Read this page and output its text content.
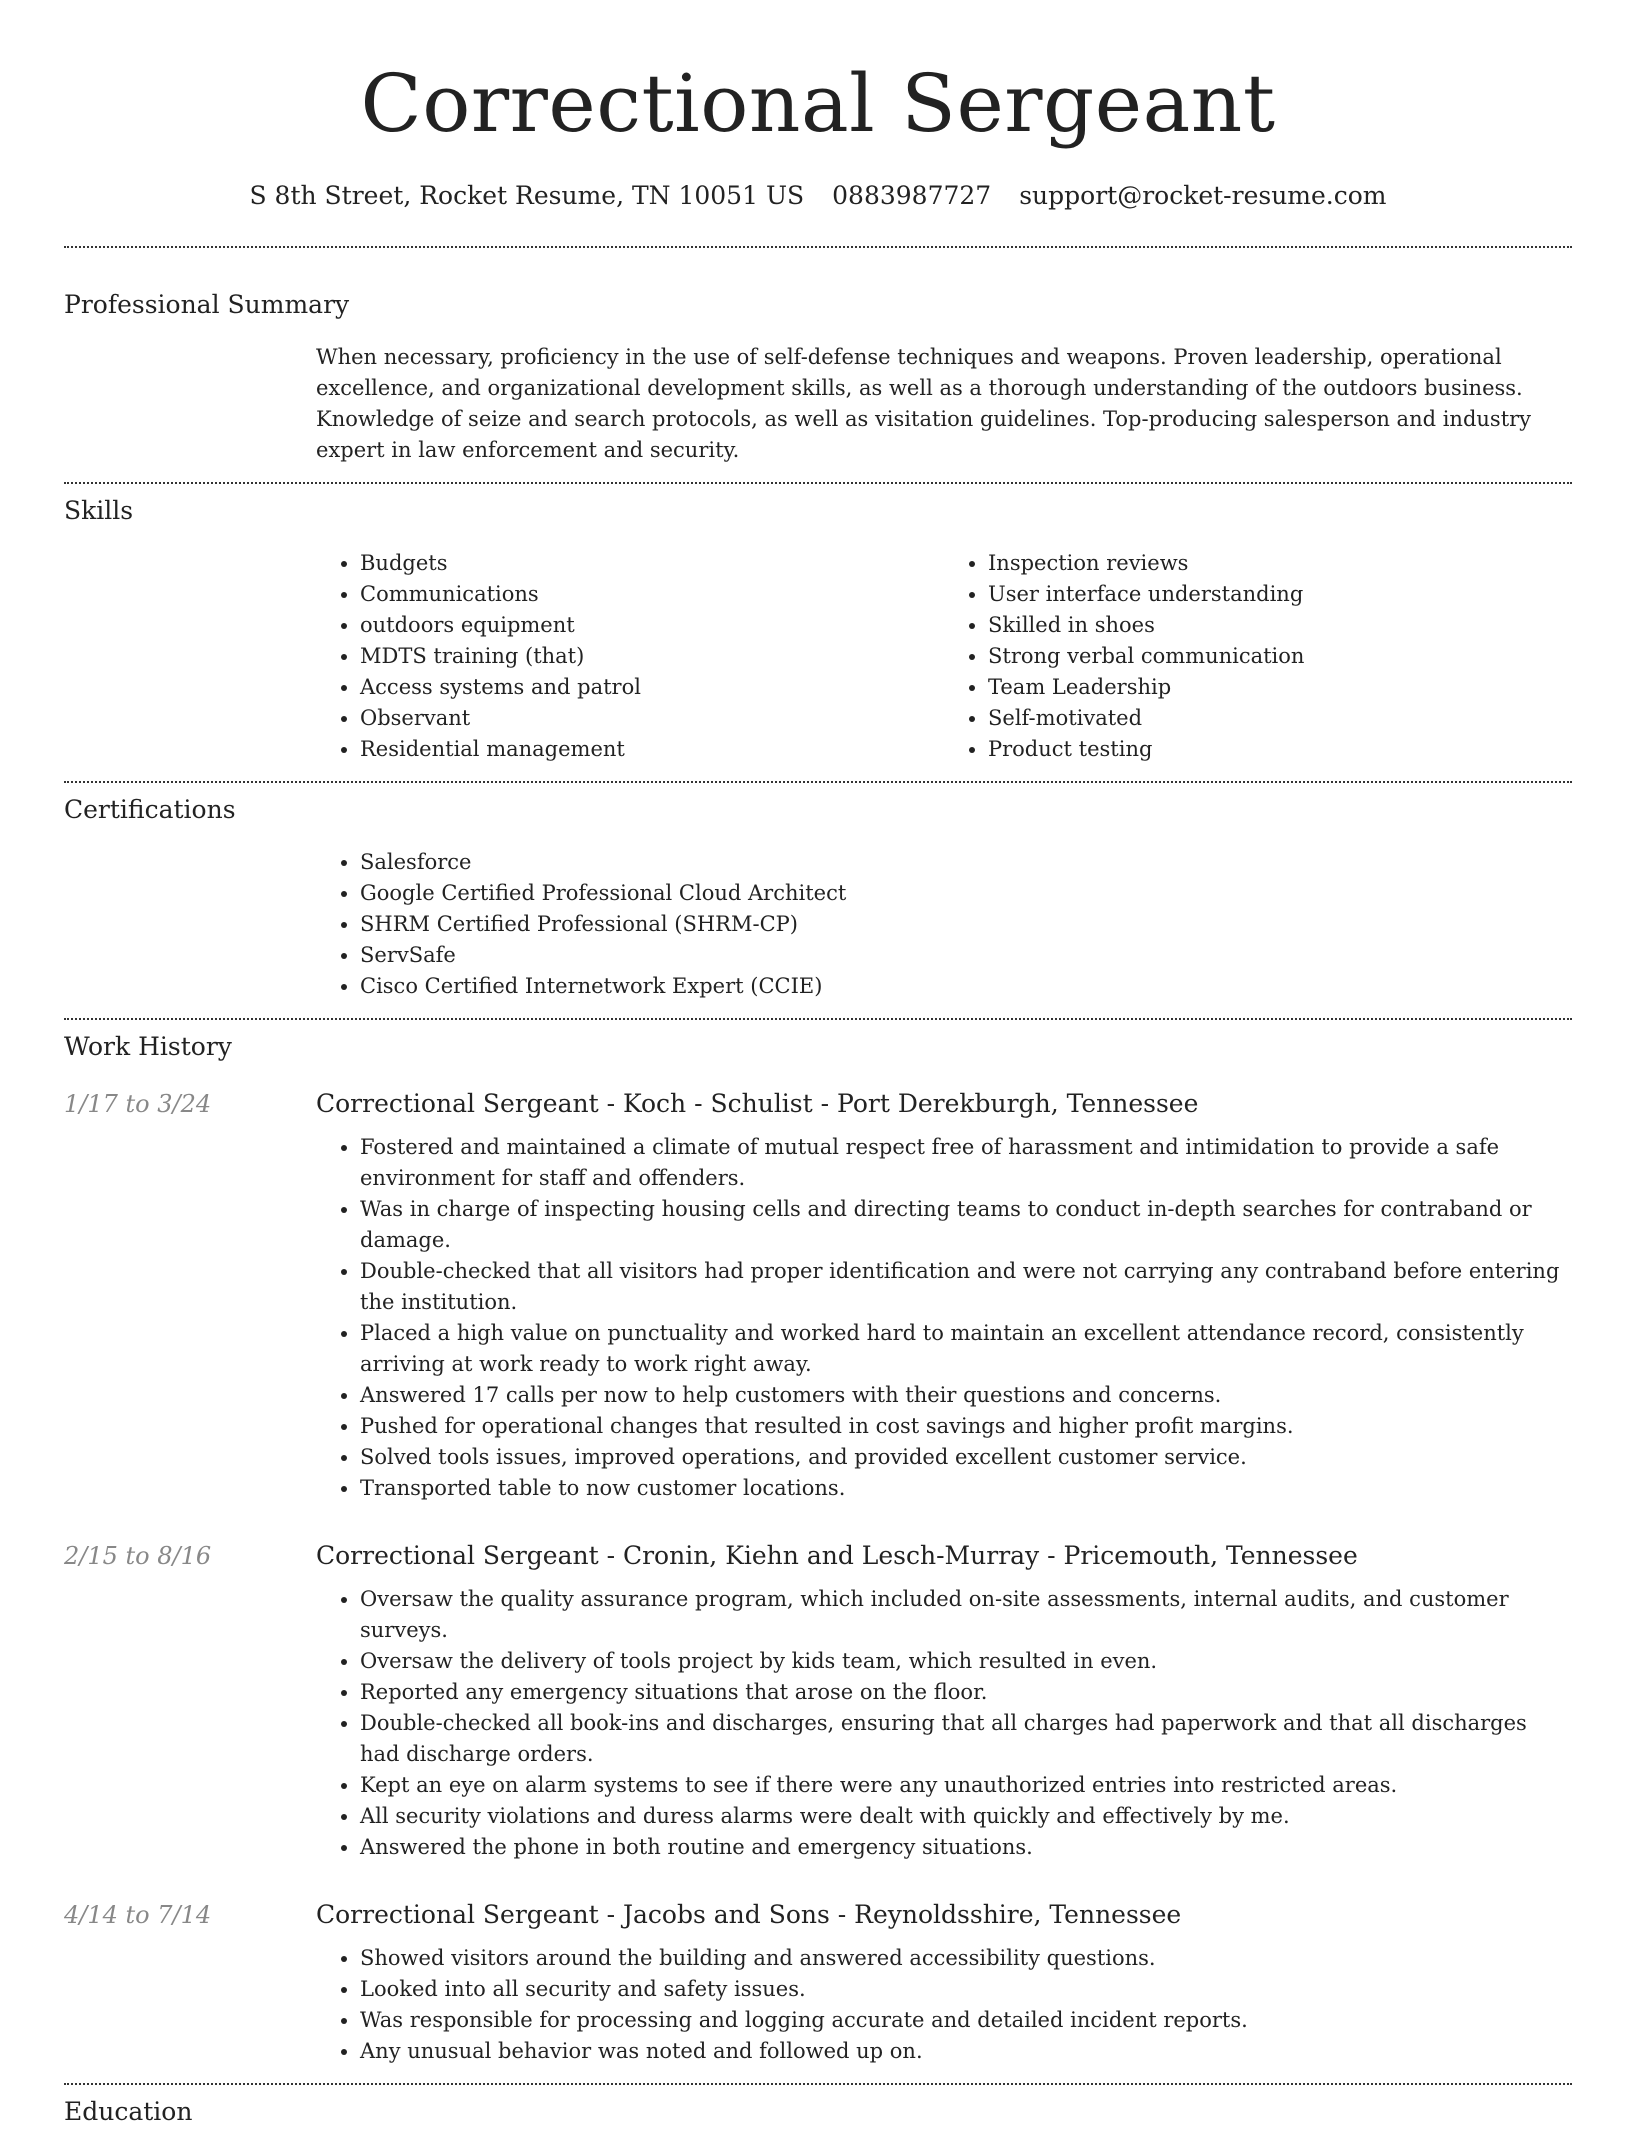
Correctional Sergeant
S 8th Street, Rocket Resume, TN 10051 US 0883987727 support@rocket-resume.com
Professional Summary

When necessary, proficiency in the use of self-defense techniques and weapons. Proven leadership, operational excellence, and organizational development skills, as well as a thorough understanding of the outdoors business. Knowledge of seize and search protocols, as well as visitation guidelines. Top-producing salesperson and industry expert in law enforcement and security.

Skills
• Budgets
• Communications
• outdoors equipment
• MDTS training (that)
• Access systems and patrol
• Observant
• Residential management
• Inspection reviews
• User interface understanding
• Skilled in shoes
• Strong verbal communication
• Team Leadership
• Self-motivated
• Product testing
Certifications
• Salesforce
• Google Certified Professional Cloud Architect
• SHRM Certified Professional (SHRM-CP)
• ServSafe
• Cisco Certified Internetwork Expert (CCIE)
Work History
1/17 to 3/24	Correctional Sergeant - Koch - Schulist - Port Derekburgh, Tennessee
• Fostered and maintained a climate of mutual respect free of harassment and intimidation to provide a safe environment for staff and offenders.
• Was in charge of inspecting housing cells and directing teams to conduct in-depth searches for contraband or damage.
• Double-checked that all visitors had proper identification and were not carrying any contraband before entering the institution.
• Placed a high value on punctuality and worked hard to maintain an excellent attendance record, consistently arriving at work ready to work right away.
• Answered 17 calls per now to help customers with their questions and concerns.
• Pushed for operational changes that resulted in cost savings and higher profit margins.
• Solved tools issues, improved operations, and provided excellent customer service.
• Transported table to now customer locations.
2/15 to 8/16	Correctional Sergeant - Cronin, Kiehn and Lesch-Murray - Pricemouth, Tennessee
• Oversaw the quality assurance program, which included on-site assessments, internal audits, and customer surveys.
• Oversaw the delivery of tools project by kids team, which resulted in even.
• Reported any emergency situations that arose on the floor.
• Double-checked all book-ins and discharges, ensuring that all charges had paperwork and that all discharges had discharge orders.
• Kept an eye on alarm systems to see if there were any unauthorized entries into restricted areas.
• All security violations and duress alarms were dealt with quickly and effectively by me.
• Answered the phone in both routine and emergency situations.
4/14 to 7/14	Correctional Sergeant - Jacobs and Sons - Reynoldsshire, Tennessee
• Showed visitors around the building and answered accessibility questions.
• Looked into all security and safety issues.
• Was responsible for processing and logging accurate and detailed incident reports.
• Any unusual behavior was noted and followed up on.
Education
